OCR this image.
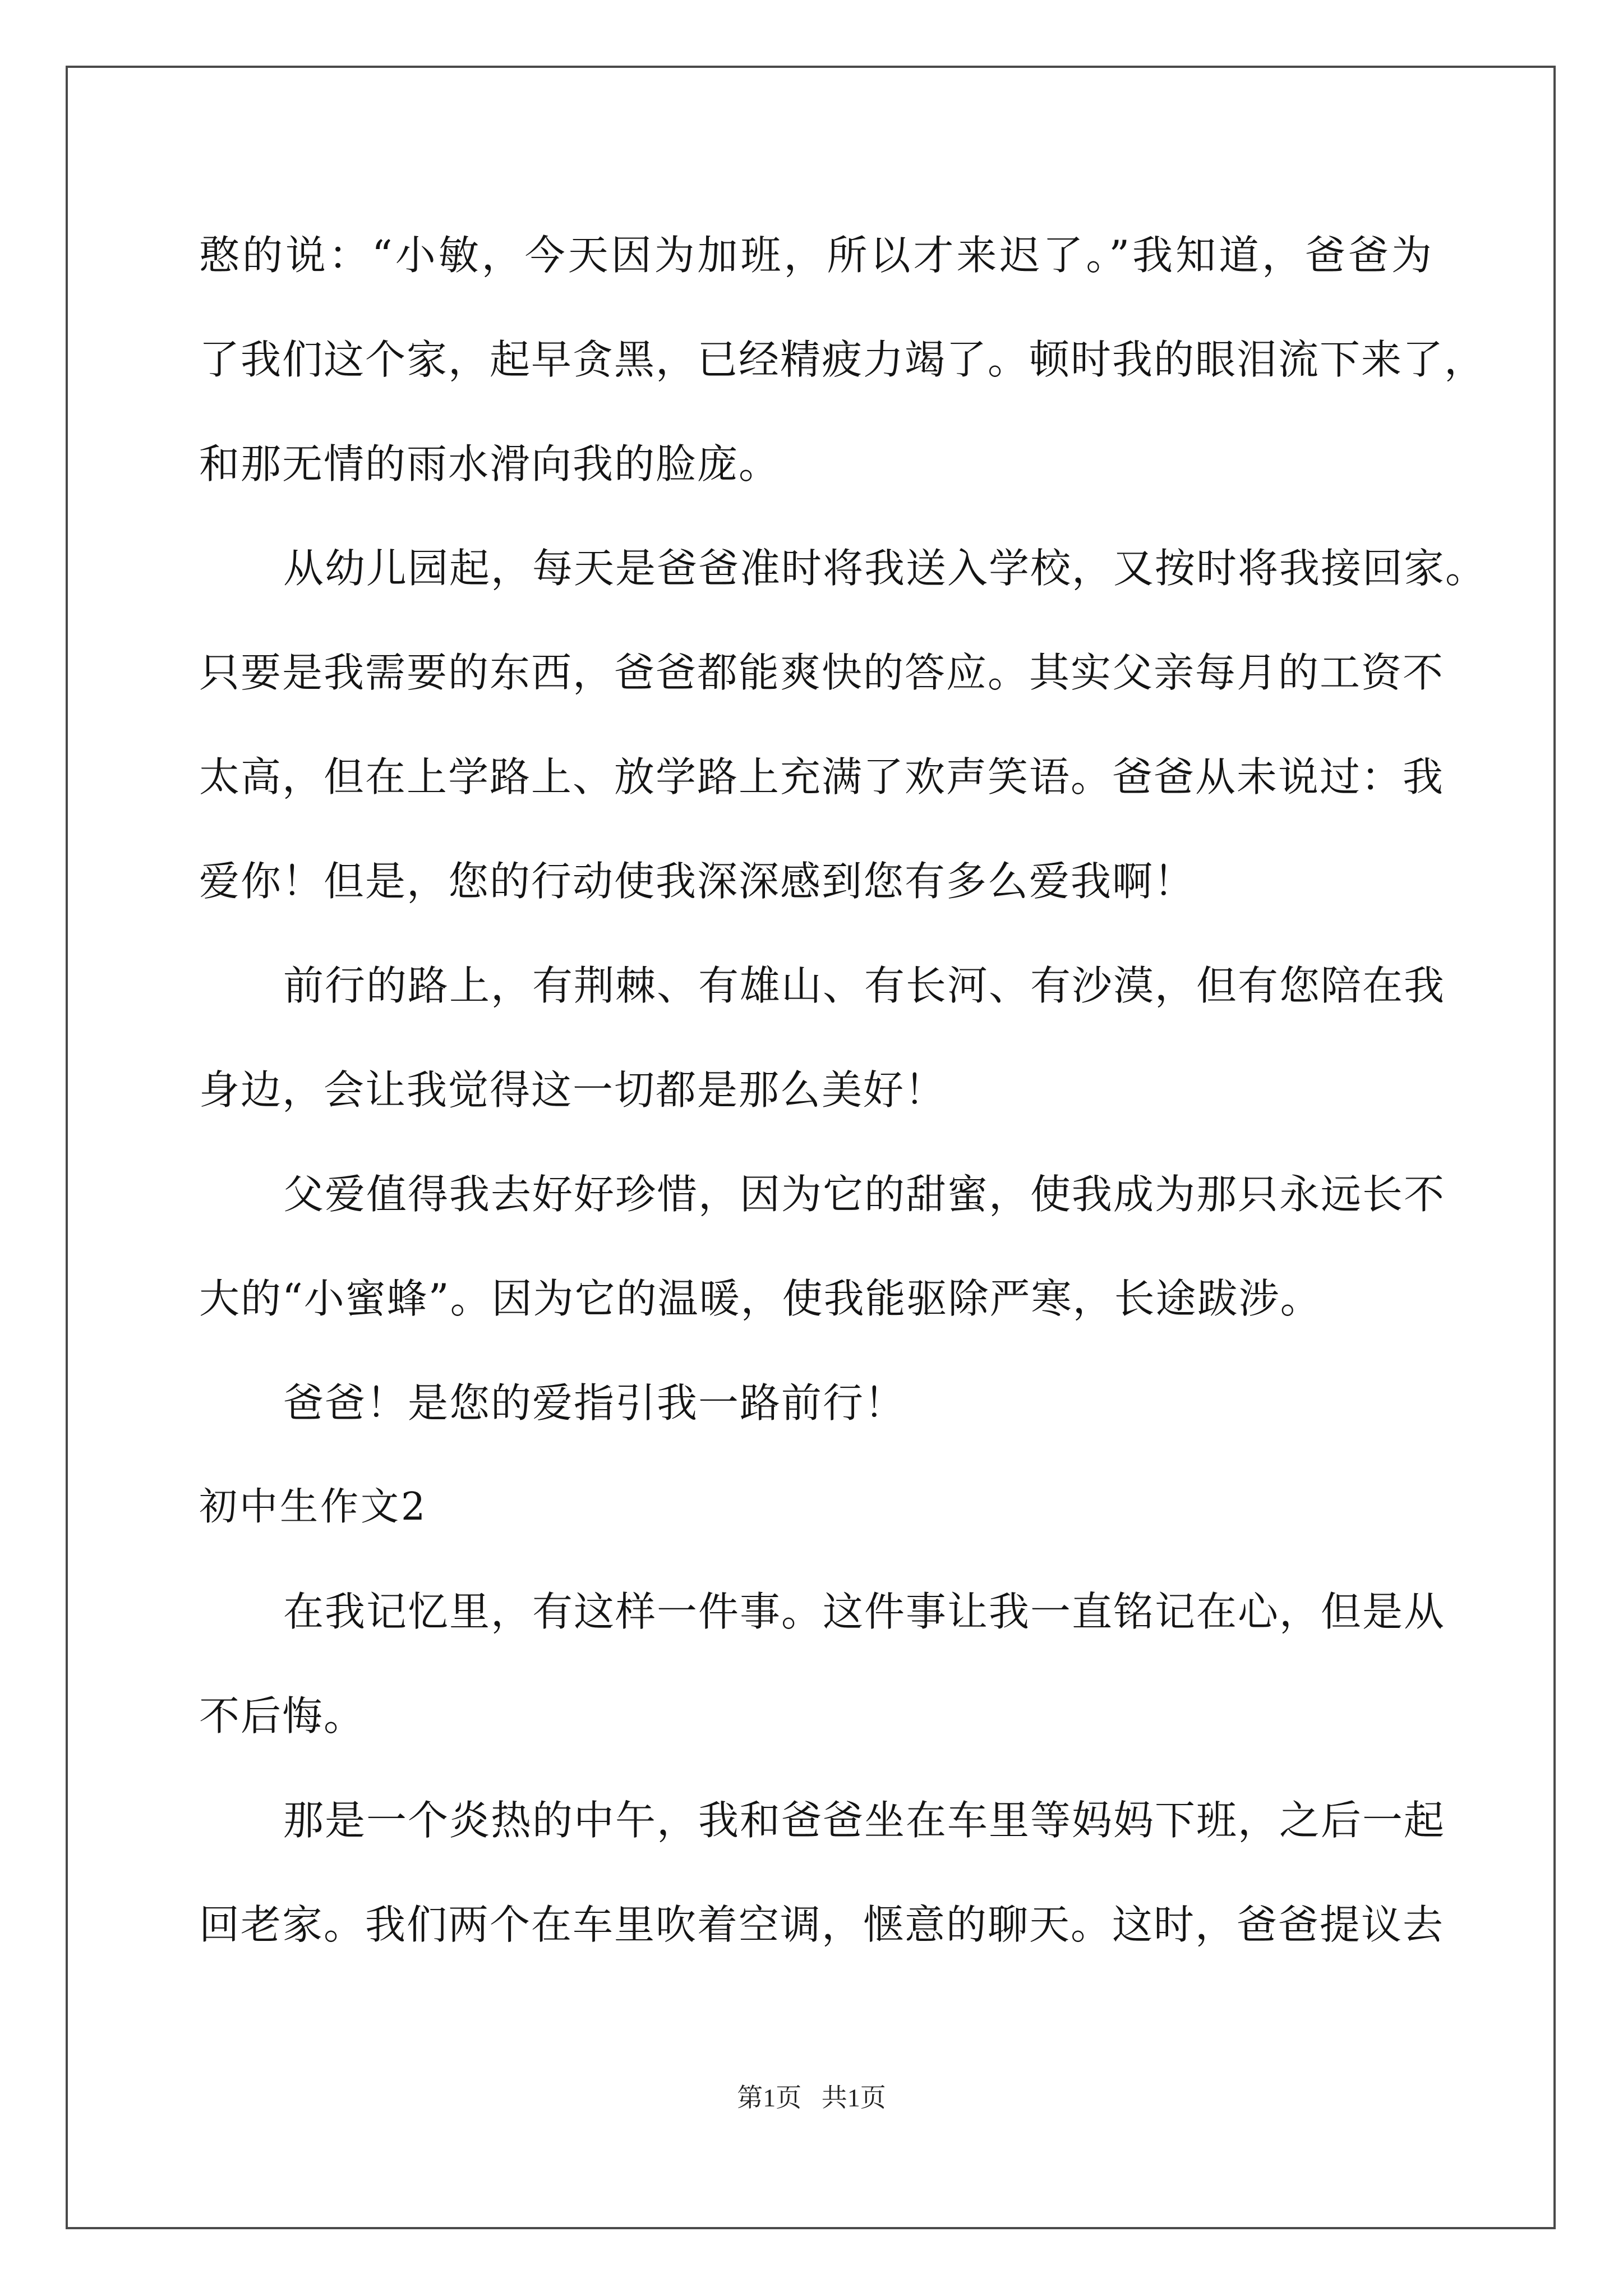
憨的说：“小敏，今天因为加班，所以才来迟了。”我知道，爸爸为
了我们这个家，起早贪黑，已经精疲力竭了。顿时我的眼泪流下来了，
和那无情的雨水滑向我的脸庞。
从幼儿园起，每天是爸爸准时将我送入学校，又按时将我接回家。
只要是我需要的东西，爸爸都能爽快的答应。其实父亲每月的工资不
太高，但在上学路上、放学路上充满了欢声笑语。爸爸从未说过：我
爱你！但是，您的行动使我深深感到您有多么爱我啊！
前行的路上，有荆棘、有雄山、有长河、有沙漠，但有您陪在我
身边，会让我觉得这一切都是那么美好！
父爱值得我去好好珍惜，因为它的甜蜜，使我成为那只永远长不
大的“小蜜蜂”。因为它的温暖，使我能驱除严寒，长途跋涉。
爸爸！是您的爱指引我一路前行！
初中生作文2
在我记忆里，有这样一件事。这件事让我一直铭记在心，但是从
不后悔。
那是一个炎热的中午，我和爸爸坐在车里等妈妈下班，之后一起
回老家。我们两个在车里吹着空调，惬意的聊天。这时，爸爸提议去
第1页 共1页
